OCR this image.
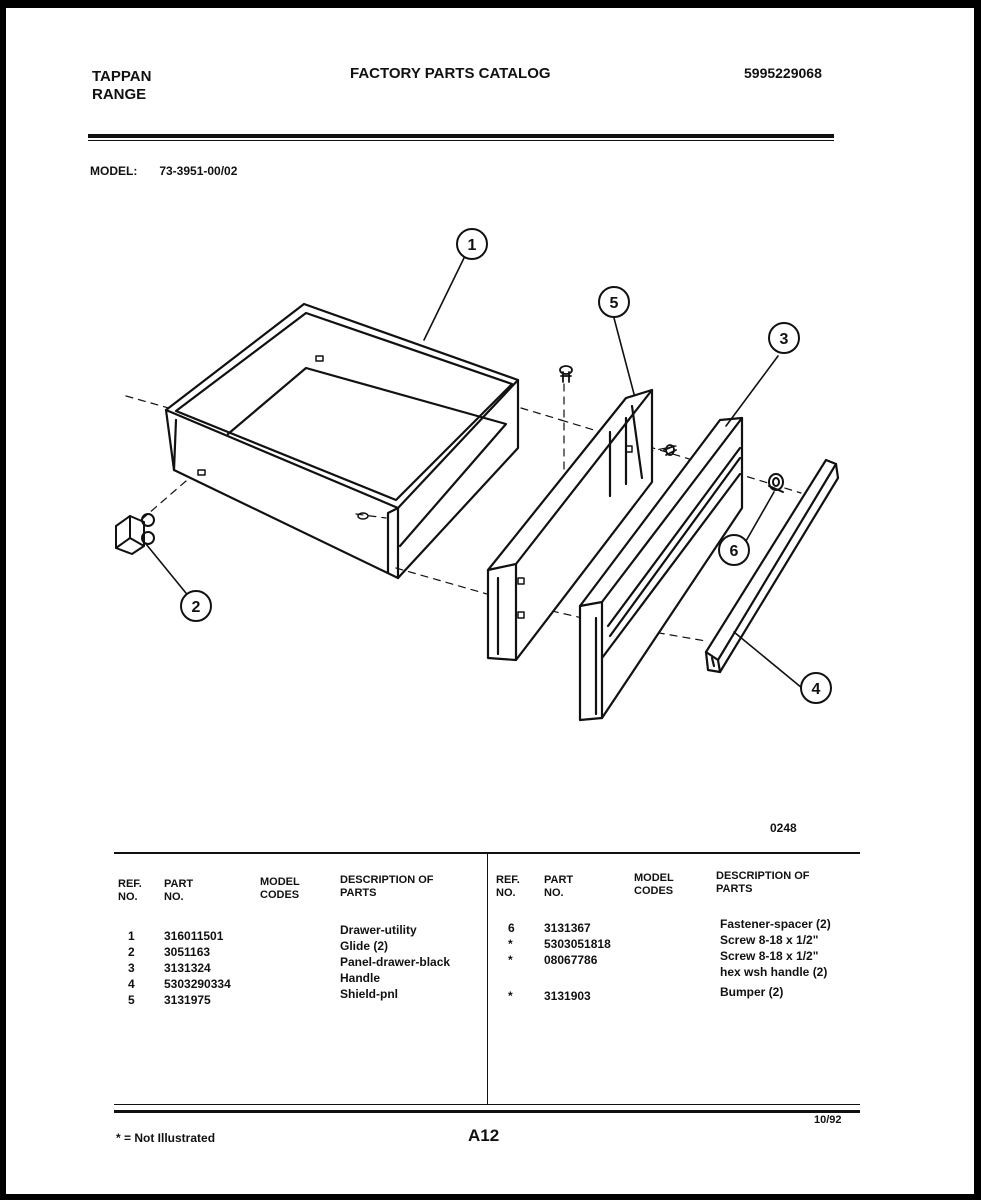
TAPPAN
RANGE
FACTORY PARTS CATALOG	5995229068
MODEL: 73-3951-00/02
1
2
3
4
5
6
0248
REF. NO.
PART NO.
MODEL CODES
DESCRIPTION OF PARTS
REF. NO.
PART NO.
MODEL CODES
DESCRIPTION OF PARTS
1
2
3
4
5
316011501
3051163
3131324
5303290334
3131975
Drawer-utility
Glide (2)
Panel-drawer-black
Handle
Shield-pnl
6
*
*
*
3131367
5303051818
08067786
3131903
Fastener-spacer (2)
Screw 8-18 x 1/2"
Screw 8-18 x 1/2"
hex wsh handle (2)
Bumper (2)
* = Not Illustrated	A12
10/92
